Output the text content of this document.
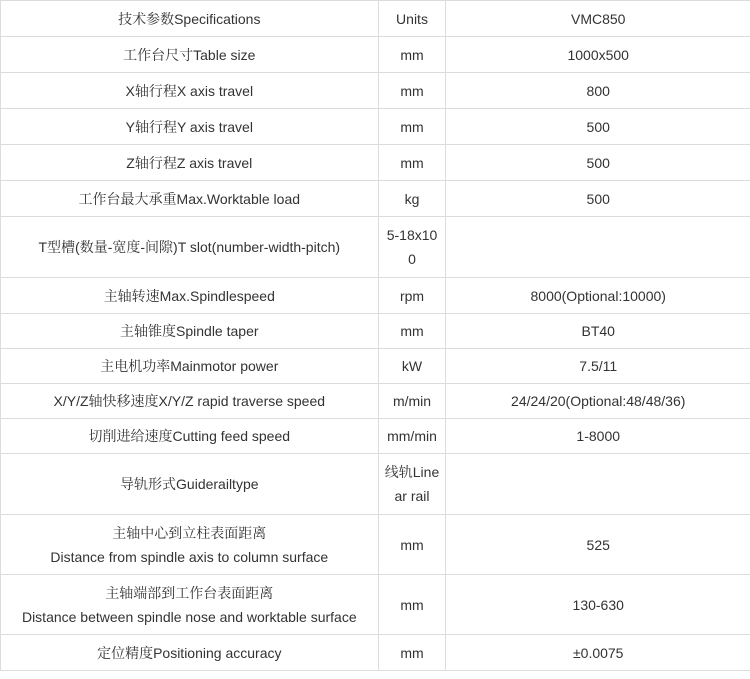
技术参数Specifications	Units	VMC850
工作台尺寸Table size	mm	1000x500
X轴行程X axis travel	mm	800
Y轴行程Y axis travel	mm	500
Z轴行程Z axis travel	mm	500
工作台最大承重Max.Worktable load	kg	500
T型槽(数量-宽度-间隙)T slot(number-width-pitch)	5-18x100	
主轴转速Max.Spindlespeed	rpm	8000(Optional:10000)
主轴锥度Spindle taper	mm	BT40
主电机功率Mainmotor power	kW	7.5/11
X/Y/Z轴快移速度X/Y/Z rapid traverse speed	m/min	24/24/20(Optional:48/48/36)
切削进给速度Cutting feed speed	mm/min	1-8000
导轨形式Guiderailtype	线轨Linear rail	

主轴中心到立柱表面距离
Distance from spindle axis to column surface	mm	525

主轴端部到工作台表面距离
Distance between spindle nose and worktable surface	mm	130-630
定位精度Positioning accuracy	mm	±0.0075
